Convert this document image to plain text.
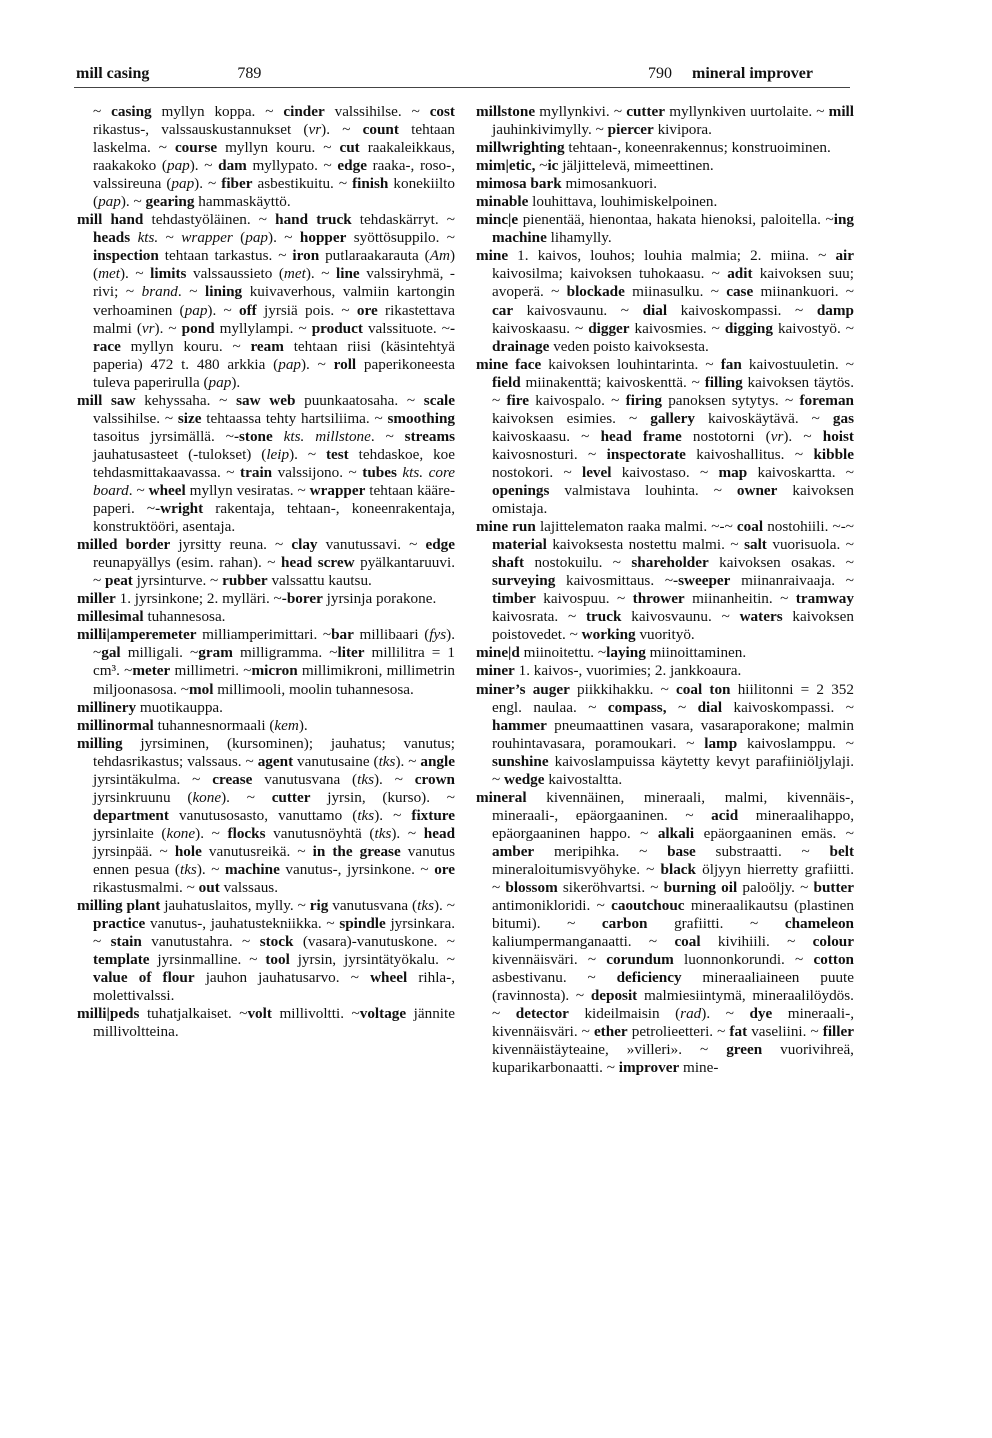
mill casing	789	790 mineral improver

~ casing myllyn koppa. ~ cinder valssihilse. ~ cost rikastus-, valssauskustannukset (vr). ~ count tehtaan laskelma. ~ course myllyn kouru. ~ cut raakaleikkaus, raakakoko (pap). ~ dam myllypato. ~ edge raaka-, roso-, valssireuna (pap). ~ fiber asbestikuitu. ~ finish konekiilto (pap). ~ gearing hammaskäyttö.

mill hand tehdastyöläinen. ~ hand truck tehdaskärryt. ~ heads kts. ~ wrapper (pap). ~ hopper syöttösuppilo. ~ inspection tehtaan tarkastus. ~ iron putlaraakarauta (Am) (met). ~ limits valssaussieto (met). ~ line valssiryhmä, -rivi; ~ brand. ~ lining kuivaverhous, valmiin kartongin verhoaminen (pap). ~ off jyrsiä pois. ~ ore rikastettava malmi (vr). ~ pond myllylampi. ~ product valssituote. ~-race myllyn kouru. ~ ream tehtaan riisi (käsintehtyä paperia) 472 t. 480 arkkia (pap). ~ roll paperikoneesta tuleva paperirulla (pap).

mill saw kehyssaha. ~ saw web puunkaatosaha. ~ scale valssihilse. ~ size tehtaassa tehty hartsiliima. ~ smoothing tasoitus jyrsimällä. ~-stone kts. millstone. ~ streams jauhatusasteet (-tulokset) (leip). ~ test tehdaskoe, koe tehdasmittakaavassa. ~ train valssijono. ~ tubes kts. core board. ~ wheel myllyn vesiratas. ~ wrapper tehtaan kääre-paperi. ~-wright rakentaja, tehtaan-, koneenrakentaja, konstruktööri, asentaja.

milled border jyrsitty reuna. ~ clay vanutussavi. ~ edge reunapyällys (esim. rahan). ~ head screw pyälkantaruuvi. ~ peat jyrsinturve. ~ rubber valssattu kautsu.

miller 1. jyrsinkone; 2. mylläri. ~-borer jyrsinja porakone.

millesimal tuhannesosa.

milli|amperemeter milliamperimittari. ~bar millibaari (fys). ~gal milligali. ~gram milligramma. ~liter millilitra = 1 cm³. ~meter millimetri. ~micron millimikroni, millimetrin miljoonasosa. ~mol millimooli, moolin tuhannesosa.

millinery muotikauppa.

millinormal tuhannesnormaali (kem).

milling jyrsiminen, (kursominen); jauhatus; vanutus; tehdasrikastus; valssaus. ~ agent vanutusaine (tks). ~ angle jyrsintäkulma. ~ crease vanutusvana (tks). ~ crown jyrsinkruunu (kone). ~ cutter jyrsin, (kurso). ~ department vanutusosasto, vanuttamo (tks). ~ fixture jyrsinlaite (kone). ~ flocks vanutusnöyhtä (tks). ~ head jyrsinpää. ~ hole vanutusreikä. ~ in the grease vanutus ennen pesua (tks). ~ machine vanutus-, jyrsinkone. ~ ore rikastusmalmi. ~ out valssaus.

milling plant jauhatuslaitos, mylly. ~ rig vanutusvana (tks). ~ practice vanutus-, jauhatustekniikka. ~ spindle jyrsinkara. ~ stain vanutustahra. ~ stock (vasara)-vanutuskone. ~ template jyrsinmalline. ~ tool jyrsin, jyrsintätyökalu. ~ value of flour jauhon jauhatusarvo. ~ wheel rihla-, molettivalssi.

milli|peds tuhatjalkaiset. ~volt millivoltti. ~voltage jännite millivoltteina.

millstone myllynkivi. ~ cutter myllynkiven uurtolaite. ~ mill jauhinkivimylly. ~ piercer kivipora.

millwrighting tehtaan-, koneenrakennus; konstruoiminen.

mim|etic, ~ic jäljittelevä, mimeettinen.

mimosa bark mimosankuori.

minable louhittava, louhimiskelpoinen.

minc|e pienentää, hienontaa, hakata hienoksi, paloitella. ~ing machine lihamylly.

mine 1. kaivos, louhos; louhia malmia; 2. miina. ~ air kaivosilma; kaivoksen tuhokaasu. ~ adit kaivoksen suu; avoperä. ~ blockade miinasulku. ~ case miinankuori. ~ car kaivosvaunu. ~ dial kaivoskompassi. ~ damp kaivoskaasu. ~ digger kaivosmies. ~ digging kaivostyö. ~ drainage veden poisto kaivoksesta.

mine face kaivoksen louhintarinta. ~ fan kaivostuuletin. ~ field miinakenttä; kaivoskenttä. ~ filling kaivoksen täytös. ~ fire kaivospalo. ~ firing panoksen sytytys. ~ foreman kaivoksen esimies. ~ gallery kaivoskäytävä. ~ gas kaivoskaasu. ~ head frame nostotorni (vr). ~ hoist kaivosnosturi. ~ inspectorate kaivoshallitus. ~ kibble nostokori. ~ level kaivostaso. ~ map kaivoskartta. ~ openings valmistava louhinta. ~ owner kaivoksen omistaja.

mine run lajittelematon raaka malmi. ~-~ coal nostohiili. ~-~ material kaivoksesta nostettu malmi. ~ salt vuorisuola. ~ shaft nostokuilu. ~ shareholder kaivoksen osakas. ~ surveying kaivosmittaus. ~-sweeper miinanraivaaja. ~ timber kaivospuu. ~ thrower miinanheitin. ~ tramway kaivosrata. ~ truck kaivosvaunu. ~ waters kaivoksen poistovedet. ~ working vuorityö.

mine|d miinoitettu. ~laying miinoittaminen.

miner 1. kaivos-, vuorimies; 2. jankkoaura.

miner’s auger piikkihakku. ~ coal ton hiilitonni = 2 352 engl. naulaa. ~ compass, ~ dial kaivoskompassi. ~ hammer pneumaattinen vasara, vasaraporakone; malmin rouhintavasara, poramoukari. ~ lamp kaivoslamppu. ~ sunshine kaivoslampuissa käytetty kevyt parafiiniöljylaji. ~ wedge kaivostaltta.

mineral kivennäinen, mineraali, malmi, kivennäis-, mineraali-, epäorgaaninen. ~ acid mineraalihappo, epäorgaaninen happo. ~ alkali epäorgaaninen emäs. ~ amber meripihka. ~ base substraatti. ~ belt mineraloitumisvyöhyke. ~ black öljyyn hierretty grafiitti. ~ blossom sikeröhvartsi. ~ burning oil paloöljy. ~ butter antimonikloridi. ~ caoutchouc mineraalikautsu (plastinen bitumi). ~ carbon grafiitti. ~ chameleon kaliumpermanganaatti. ~ coal kivihiili. ~ colour kivennäisväri. ~ corundum luonnonkorundi. ~ cotton asbestivanu. ~ deficiency mineraaliaineen puute (ravinnosta). ~ deposit malmiesiintymä, mineraalilöydös. ~ detector kideilmaisin (rad). ~ dye mineraali-, kivennäisväri. ~ ether petrolieetteri. ~ fat vaseliini. ~ filler kivennäistäyteaine, »villeri». ~ green vuorivihreä, kuparikarbonaatti. ~ improver mine-
